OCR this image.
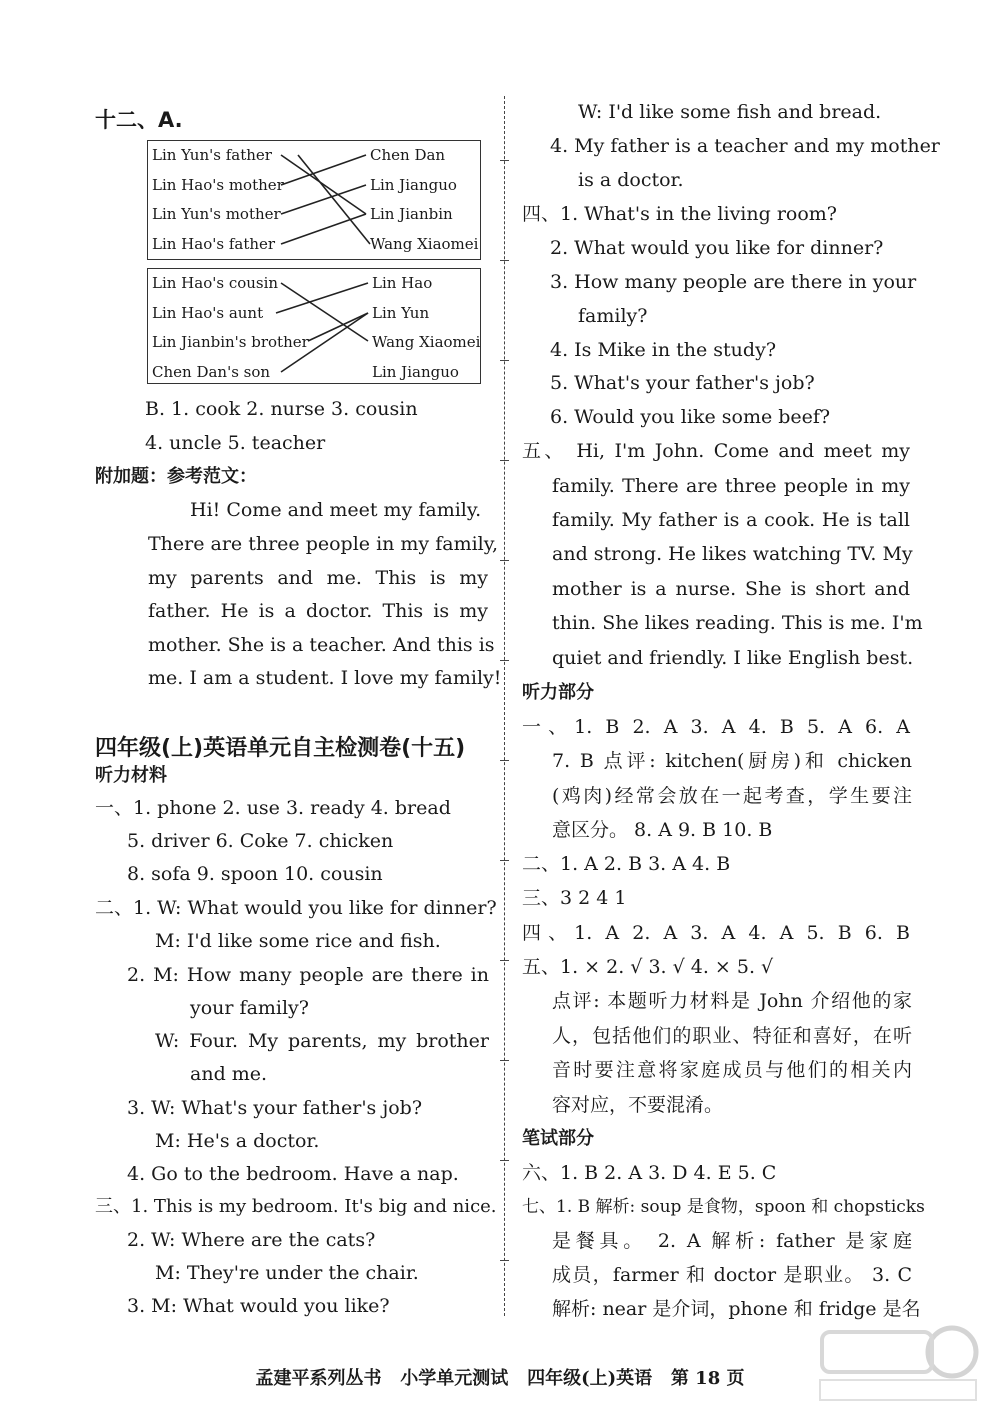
十二、A.
Lin Yun's father
Lin Hao's mother
Lin Yun's mother
Lin Hao's father
Chen Dan
Lin Jianguo
Lin Jianbin
Wang Xiaomei
Lin Hao's cousin
Lin Hao's aunt
Lin Jianbin's brother
Chen Dan's son
Lin Hao
Lin Yun
Wang Xiaomei
Lin Jianguo
B. 1. cook 2. nurse 3. cousin
4. uncle 5. teacher
附加题：参考范文：
Hi! Come and meet my family.
There are three people in my family,
my parents and me. This is my
father. He is a doctor. This is my
mother. She is a teacher. And this is
me. I am a student. I love my family!
四年级(上)英语单元自主检测卷(十五)
听力材料
一、1. phone 2. use 3. ready 4. bread
5. driver 6. Coke 7. chicken
8. sofa 9. spoon 10. cousin
二、1. W: What would you like for dinner?
M: I'd like some rice and fish.
2. M: How many people are there in
your family?
W: Four. My parents, my brother
and me.
3. W: What's your father's job?
M: He's a doctor.
4. Go to the bedroom. Have a nap.
三、1. This is my bedroom. It's big and nice.
2. W: Where are the cats?
M: They're under the chair.
3. M: What would you like?
W: I'd like some fish and bread.
4. My father is a teacher and my mother
is a doctor.
四、1. What's in the living room?
2. What would you like for dinner?
3. How many people are there in your
family?
4. Is Mike in the study?
5. What's your father's job?
6. Would you like some beef?
五、 Hi, I'm John. Come and meet my
family. There are three people in my
family. My father is a cook. He is tall
and strong. He likes watching TV. My
mother is a nurse. She is short and
thin. She likes reading. This is me. I'm
quiet and friendly. I like English best.
听力部分
一、1. B 2. A 3. A 4. B 5. A 6. A
7. B 点评: kitchen(厨房)和 chicken
(鸡肉)经常会放在一起考查，学生要注
意区分。 8. A 9. B 10. B
二、1. A 2. B 3. A 4. B
三、3 2 4 1
四、1. A 2. A 3. A 4. A 5. B 6. B
五、1. × 2. √ 3. √ 4. × 5. √
点评: 本题听力材料是 John 介绍他的家
人，包括他们的职业、特征和喜好，在听
音时要注意将家庭成员与他们的相关内
容对应，不要混淆。
笔试部分
六、1. B 2. A 3. D 4. E 5. C
七、1. B 解析: soup 是食物，spoon 和 chopsticks
是餐具。 2. A 解析: father 是家庭
成员，farmer 和 doctor 是职业。 3. C
解析: near 是介词，phone 和 fridge 是名
孟建平系列丛书   小学单元测试   四年级(上)英语   第 18 页
